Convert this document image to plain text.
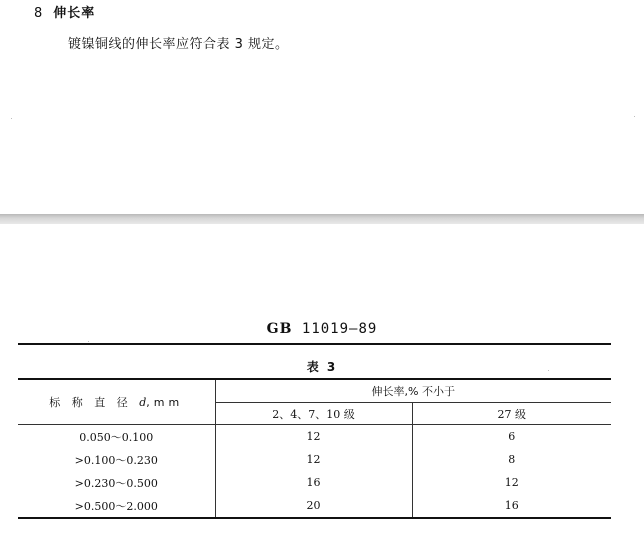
8 伸长率
镀镍铜线的伸长率应符合表 3 规定。
GB 11019—89
表 3
标 称 直 径 d,mm	伸长率,% 不小于	
	2、4、7、10 级	27 级
0.050～0.100	12	6
>0.100～0.230	12	8
>0.230～0.500	16	12
>0.500～2.000	20	16
